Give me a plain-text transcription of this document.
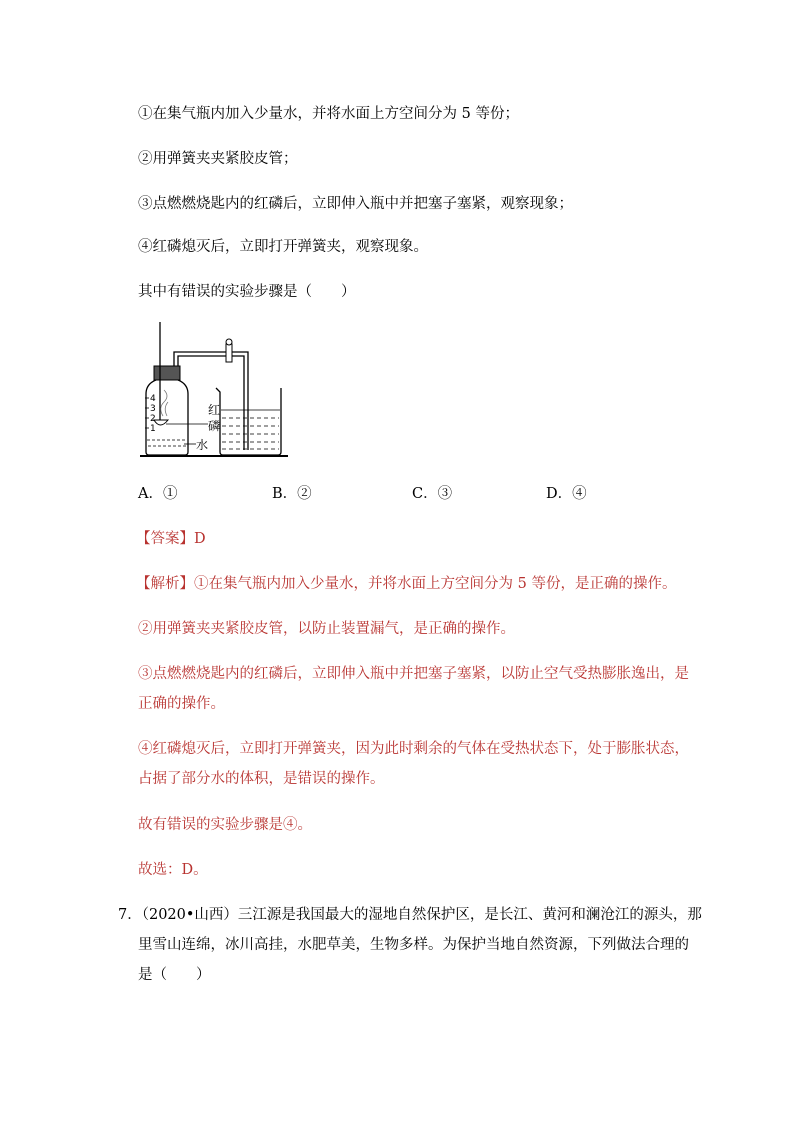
①在集气瓶内加入少量水，并将水面上方空间分为 5 等份；
②用弹簧夹夹紧胶皮管；
③点燃燃烧匙内的红磷后，立即伸入瓶中并把塞子塞紧，观察现象；
④红磷熄灭后，立即打开弹簧夹，观察现象。
其中有错误的实验步骤是（　　）
4
3
2
1
红
磷
水
A．①	B．②	C．③	D．④
【答案】D
【解析】①在集气瓶内加入少量水，并将水面上方空间分为 5 等份，是正确的操作。
②用弹簧夹夹紧胶皮管，以防止装置漏气，是正确的操作。
③点燃燃烧匙内的红磷后，立即伸入瓶中并把塞子塞紧，以防止空气受热膨胀逸出，是
正确的操作。
④红磷熄灭后，立即打开弹簧夹，因为此时剩余的气体在受热状态下，处于膨胀状态，
占据了部分水的体积，是错误的操作。
故有错误的实验步骤是④。
故选：D。
7．（2020•山西）三江源是我国最大的湿地自然保护区，是长江、黄河和澜沧江的源头，那
里雪山连绵，冰川高挂，水肥草美，生物多样。为保护当地自然资源，下列做法合理的
是（　　）
